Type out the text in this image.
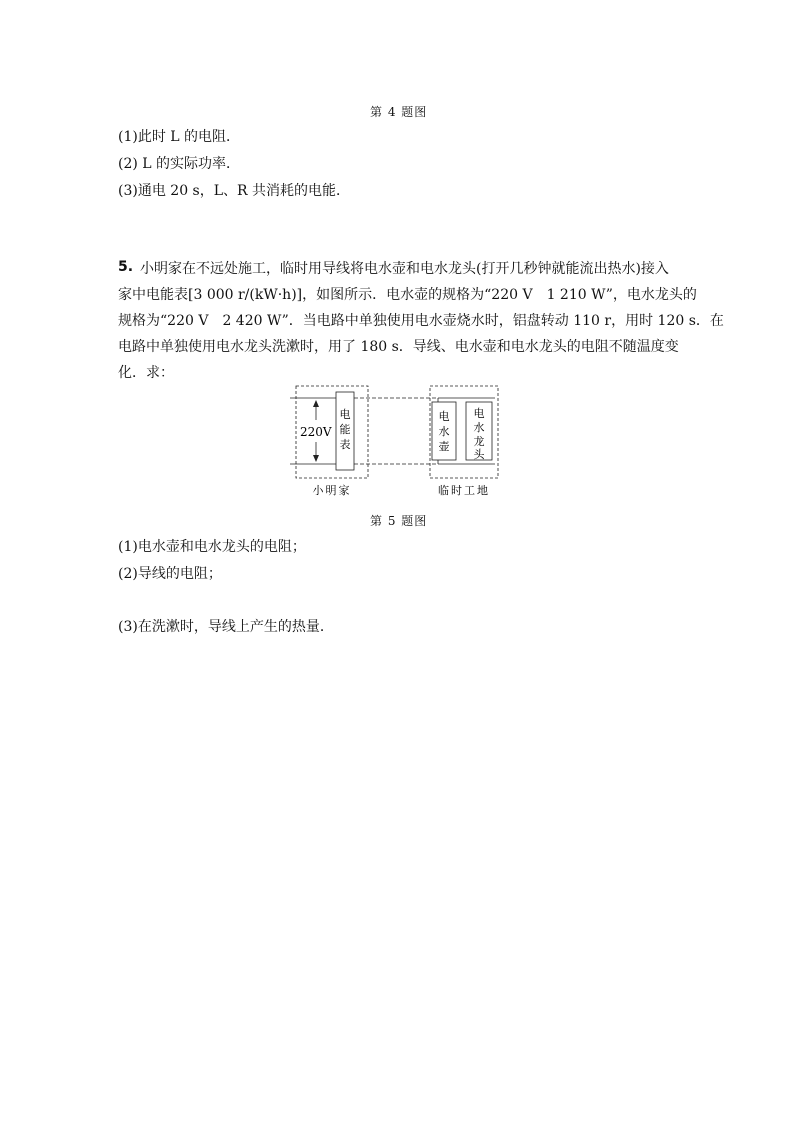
第 4 题图
(1)此时 L 的电阻．
(2) L 的实际功率．
(3)通电 20 s，L、R 共消耗的电能．
5. 小明家在不远处施工，临时用导线将电水壶和电水龙头(打开几秒钟就能流出热水)接入
家中电能表[3 000 r/(kW·h)]，如图所示．电水壶的规格为“220 V　1 210 W”，电水龙头的
规格为“220 V　2 420 W”．当电路中单独使用电水壶烧水时，铝盘转动 110 r，用时 120 s．在
电路中单独使用电水龙头洗漱时，用了 180 s．导线、电水壶和电水龙头的电阻不随温度变
化．求：
220V
电
能
表
电
水
壶
电
水
龙
头
小明家	临时工地
第 5 题图
(1)电水壶和电水龙头的电阻；
(2)导线的电阻；
(3)在洗漱时，导线上产生的热量．
